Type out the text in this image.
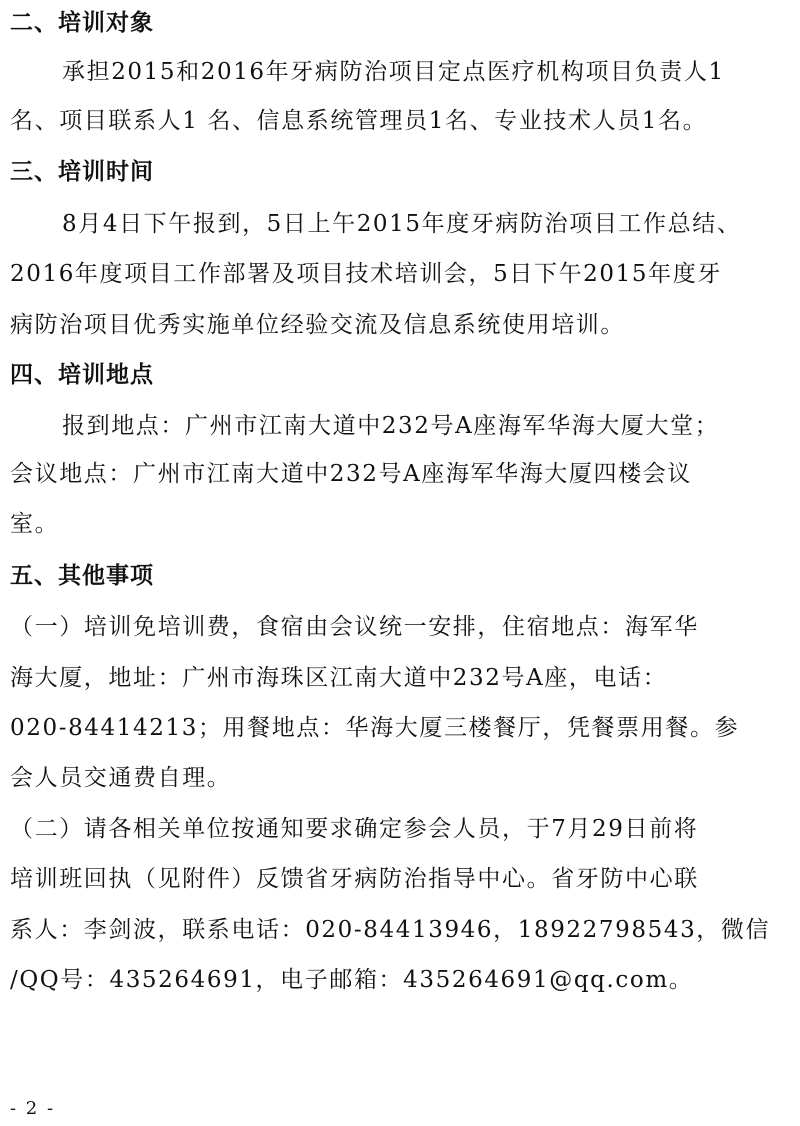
二、培训对象
承担2015和2016年牙病防治项目定点医疗机构项目负责人1
名、项目联系人1 名、信息系统管理员1名、专业技术人员1名。
三、培训时间
8月4日下午报到，5日上午2015年度牙病防治项目工作总结、
2016年度项目工作部署及项目技术培训会，5日下午2015年度牙
病防治项目优秀实施单位经验交流及信息系统使用培训。
四、培训地点
报到地点：广州市江南大道中232号A座海军华海大厦大堂；
会议地点：广州市江南大道中232号A座海军华海大厦四楼会议
室。
五、其他事项
（一）培训免培训费，食宿由会议统一安排，住宿地点：海军华
海大厦，地址：广州市海珠区江南大道中232号A座，电话：
020-84414213；用餐地点：华海大厦三楼餐厅，凭餐票用餐。参
会人员交通费自理。
（二）请各相关单位按通知要求确定参会人员，于7月29日前将
培训班回执（见附件）反馈省牙病防治指导中心。省牙防中心联
系人：李剑波，联系电话：020-84413946，18922798543，微信
/QQ号：435264691，电子邮箱：435264691@qq.com。
- 2 -
